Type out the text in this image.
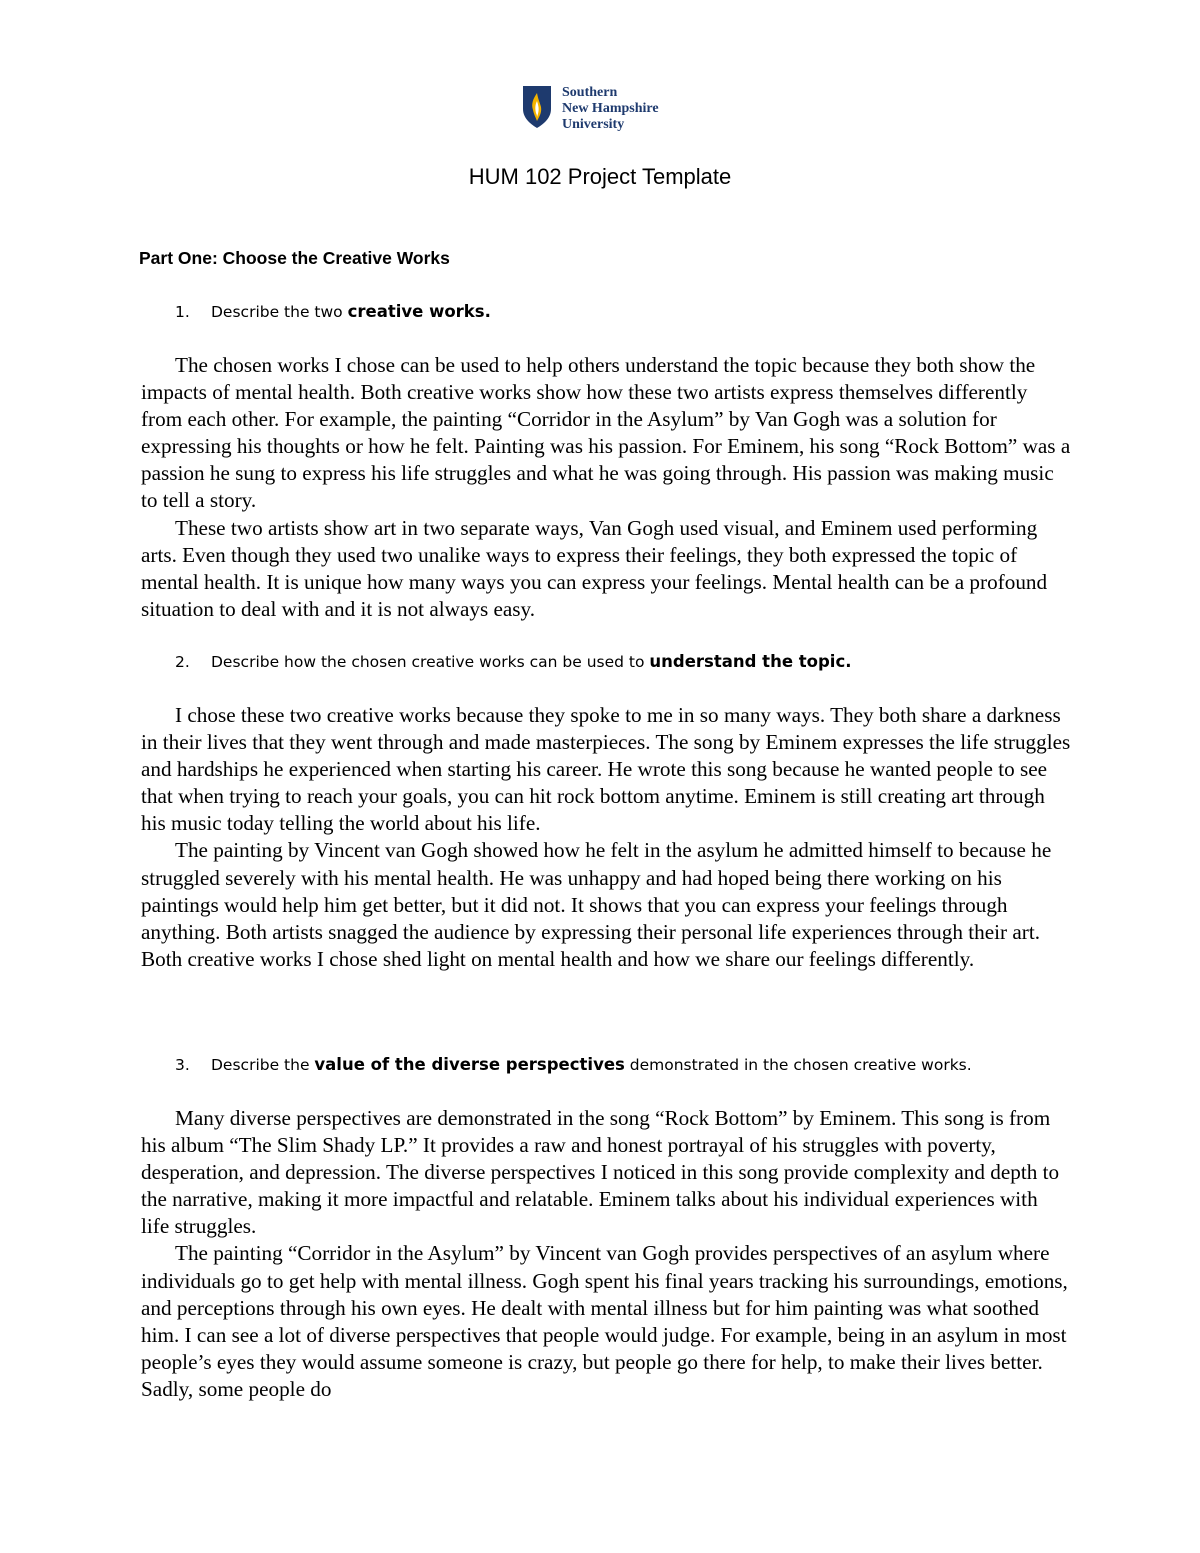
Southern
New Hampshire
University
HUM 102 Project Template
Part One: Choose the Creative Works
1. Describe the two creative works.

The chosen works I chose can be used to help others understand the topic because they both show the impacts of mental health. Both creative works show how these two artists express themselves differently from each other. For example, the painting “Corridor in the Asylum” by Van Gogh was a solution for expressing his thoughts or how he felt. Painting was his passion. For Eminem, his song “Rock Bottom” was a passion he sung to express his life struggles and what he was going through. His passion was making music to tell a story.

These two artists show art in two separate ways, Van Gogh used visual, and Eminem used performing arts. Even though they used two unalike ways to express their feelings, they both expressed the topic of mental health. It is unique how many ways you can express your feelings. Mental health can be a profound situation to deal with and it is not always easy.

2. Describe how the chosen creative works can be used to understand the topic.

I chose these two creative works because they spoke to me in so many ways. They both share a darkness in their lives that they went through and made masterpieces. The song by Eminem expresses the life struggles and hardships he experienced when starting his career. He wrote this song because he wanted people to see that when trying to reach your goals, you can hit rock bottom anytime. Eminem is still creating art through his music today telling the world about his life.

The painting by Vincent van Gogh showed how he felt in the asylum he admitted himself to because he struggled severely with his mental health. He was unhappy and had hoped being there working on his paintings would help him get better, but it did not. It shows that you can express your feelings through anything. Both artists snagged the audience by expressing their personal life experiences through their art. Both creative works I chose shed light on mental health and how we share our feelings differently.

3. Describe the value of the diverse perspectives demonstrated in the chosen creative works.

Many diverse perspectives are demonstrated in the song “Rock Bottom” by Eminem. This song is from his album “The Slim Shady LP.” It provides a raw and honest portrayal of his struggles with poverty, desperation, and depression. The diverse perspectives I noticed in this song provide complexity and depth to the narrative, making it more impactful and relatable. Eminem talks about his individual experiences with life struggles.

The painting “Corridor in the Asylum” by Vincent van Gogh provides perspectives of an asylum where individuals go to get help with mental illness. Gogh spent his final years tracking his surroundings, emotions, and perceptions through his own eyes. He dealt with mental illness but for him painting was what soothed him. I can see a lot of diverse perspectives that people would judge. For example, being in an asylum in most people’s eyes they would assume someone is crazy, but people go there for help, to make their lives better. Sadly, some people do
